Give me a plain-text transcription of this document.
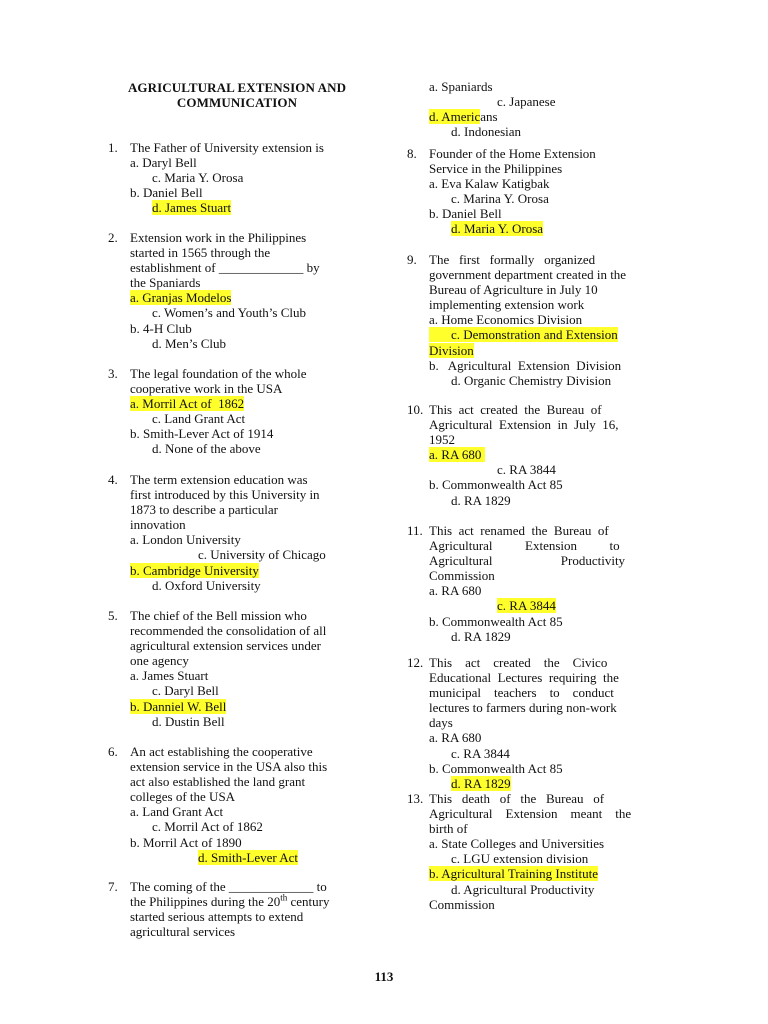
AGRICULTURAL EXTENSION AND
COMMUNICATION
1. The Father of University extension is
a. Daryl Bell
c. Maria Y. Orosa
b. Daniel Bell
d. James Stuart
2. Extension work in the Philippines
started in 1565 through the
establishment of _____________ by
the Spaniards
a. Granjas Modelos
c. Women’s and Youth’s Club
b. 4-H Club
d. Men’s Club
3. The legal foundation of the whole
cooperative work in the USA
a. Morril Act of  1862
c. Land Grant Act
b. Smith-Lever Act of 1914
d. None of the above
4. The term extension education was
first introduced by this University in
1873 to describe a particular
innovation
a. London University
c. University of Chicago
b. Cambridge University
d. Oxford University
5. The chief of the Bell mission who
recommended the consolidation of all
agricultural extension services under
one agency
a. James Stuart
c. Daryl Bell
b. Danniel W. Bell
d. Dustin Bell
6. An act establishing the cooperative
extension service in the USA also this
act also established the land grant
colleges of the USA
a. Land Grant Act
c. Morril Act of 1862
b. Morril Act of 1890
d. Smith-Lever Act
7. The coming of the _____________ to
the Philippines during the 20th century
started serious attempts to extend
agricultural services
a. Spaniards
c. Japanese
d. Americans
d. Indonesian
8. Founder of the Home Extension
Service in the Philippines
a. Eva Kalaw Katigbak
c. Marina Y. Orosa
b. Daniel Bell
d. Maria Y. Orosa
9. The   first   formally   organized
government department created in the
Bureau of Agriculture in July 10
implementing extension work
a. Home Economics Division
c. Demonstration and Extension
Division
b.   Agricultural  Extension  Division
d. Organic Chemistry Division
10. This  act  created  the  Bureau  of
Agricultural  Extension  in  July  16,
1952
a. RA 680
c. RA 3844
b. Commonwealth Act 85
d. RA 1829
11. This  act  renamed  the  Bureau  of
Agricultural          Extension          to
Agricultural                     Productivity
Commission
a. RA 680
c. RA 3844
b. Commonwealth Act 85
d. RA 1829
12. This    act    created    the    Civico
Educational  Lectures  requiring  the
municipal    teachers    to    conduct
lectures to farmers during non-work
days
a. RA 680
c. RA 3844
b. Commonwealth Act 85
d. RA 1829
13. This   death   of   the   Bureau   of
Agricultural    Extension    meant    the
birth of
a. State Colleges and Universities
c. LGU extension division
b. Agricultural Training Institute
d. Agricultural Productivity
Commission
113
